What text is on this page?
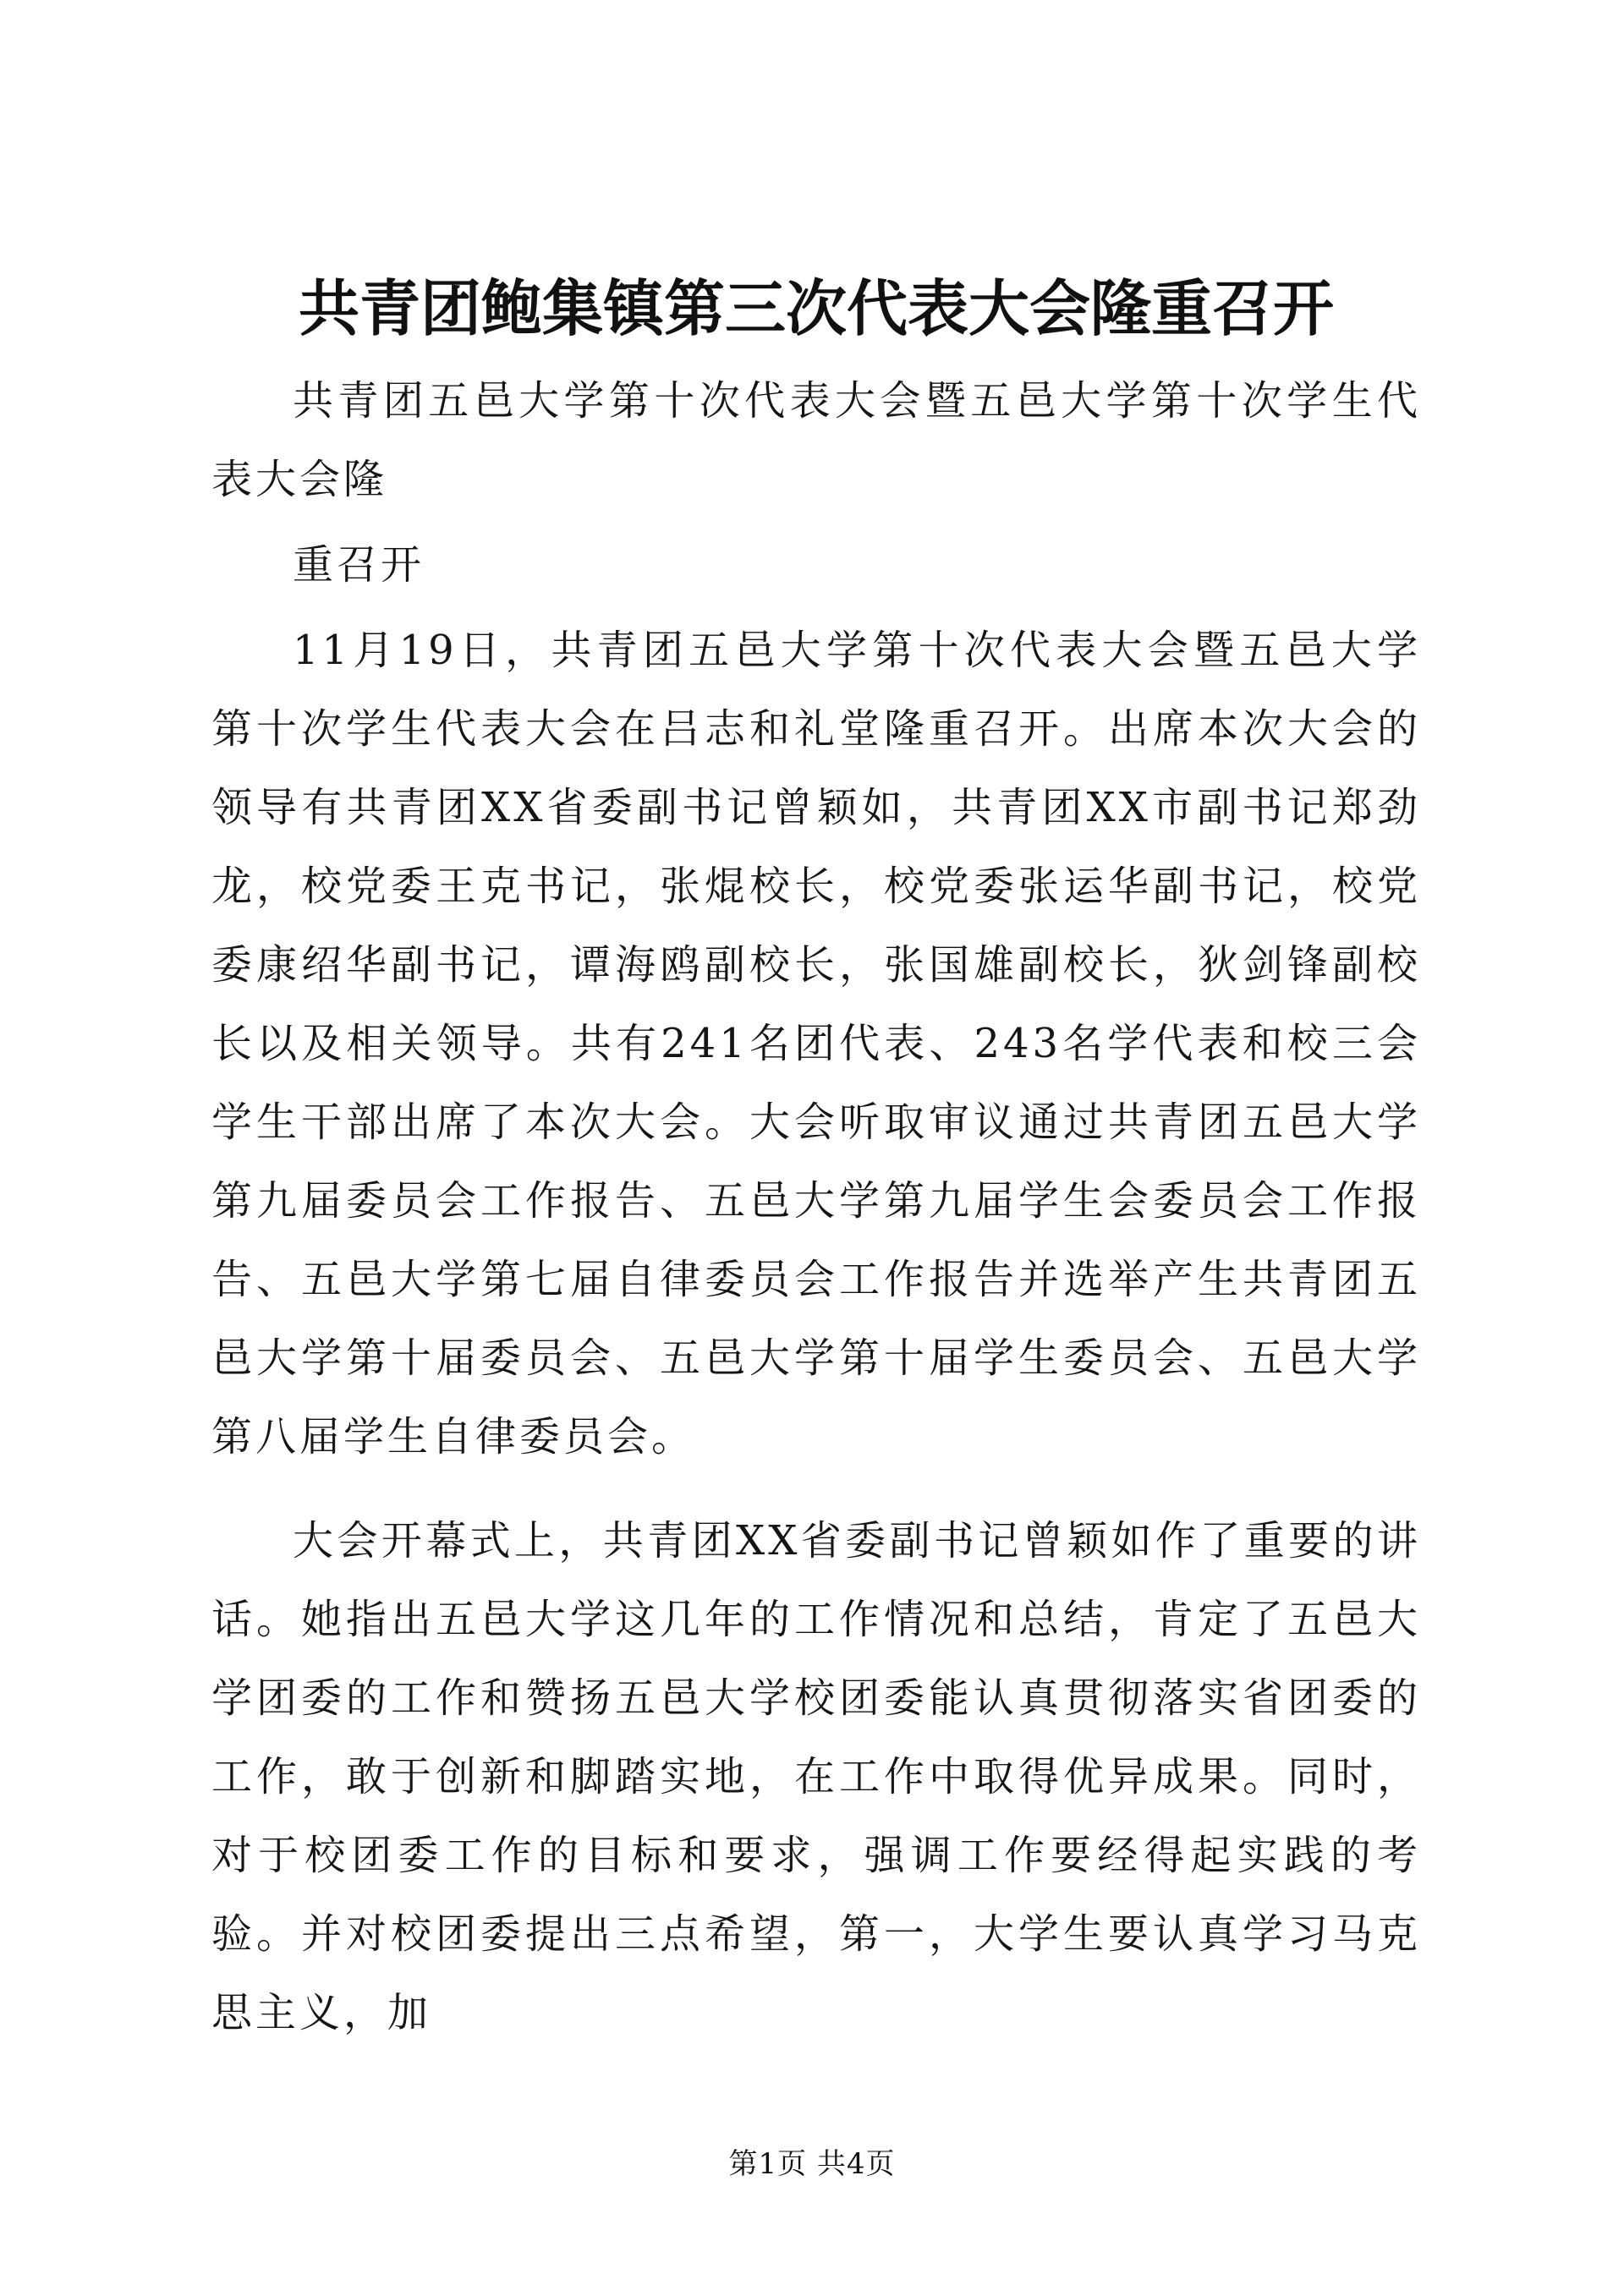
共青团鲍集镇第三次代表大会隆重召开

共青团五邑大学第十次代表大会暨五邑大学第十次学生代表大会隆

重召开

11月19日，共青团五邑大学第十次代表大会暨五邑大学第十次学生代表大会在吕志和礼堂隆重召开。出席本次大会的领导有共青团XX省委副书记曾颖如，共青团XX市副书记郑劲龙，校党委王克书记，张焜校长，校党委张运华副书记，校党委康绍华副书记，谭海鸥副校长，张国雄副校长，狄剑锋副校长以及相关领导。共有241名团代表、243名学代表和校三会学生干部出席了本次大会。大会听取审议通过共青团五邑大学第九届委员会工作报告、五邑大学第九届学生会委员会工作报告、五邑大学第七届自律委员会工作报告并选举产生共青团五邑大学第十届委员会、五邑大学第十届学生委员会、五邑大学第八届学生自律委员会。

大会开幕式上，共青团XX省委副书记曾颖如作了重要的讲话。她指出五邑大学这几年的工作情况和总结，肯定了五邑大学团委的工作和赞扬五邑大学校团委能认真贯彻落实省团委的工作，敢于创新和脚踏实地，在工作中取得优异成果。同时，对于校团委工作的目标和要求，强调工作要经得起实践的考验。并对校团委提出三点希望，第一，大学生要认真学习马克思主义，加

第1页 共4页
